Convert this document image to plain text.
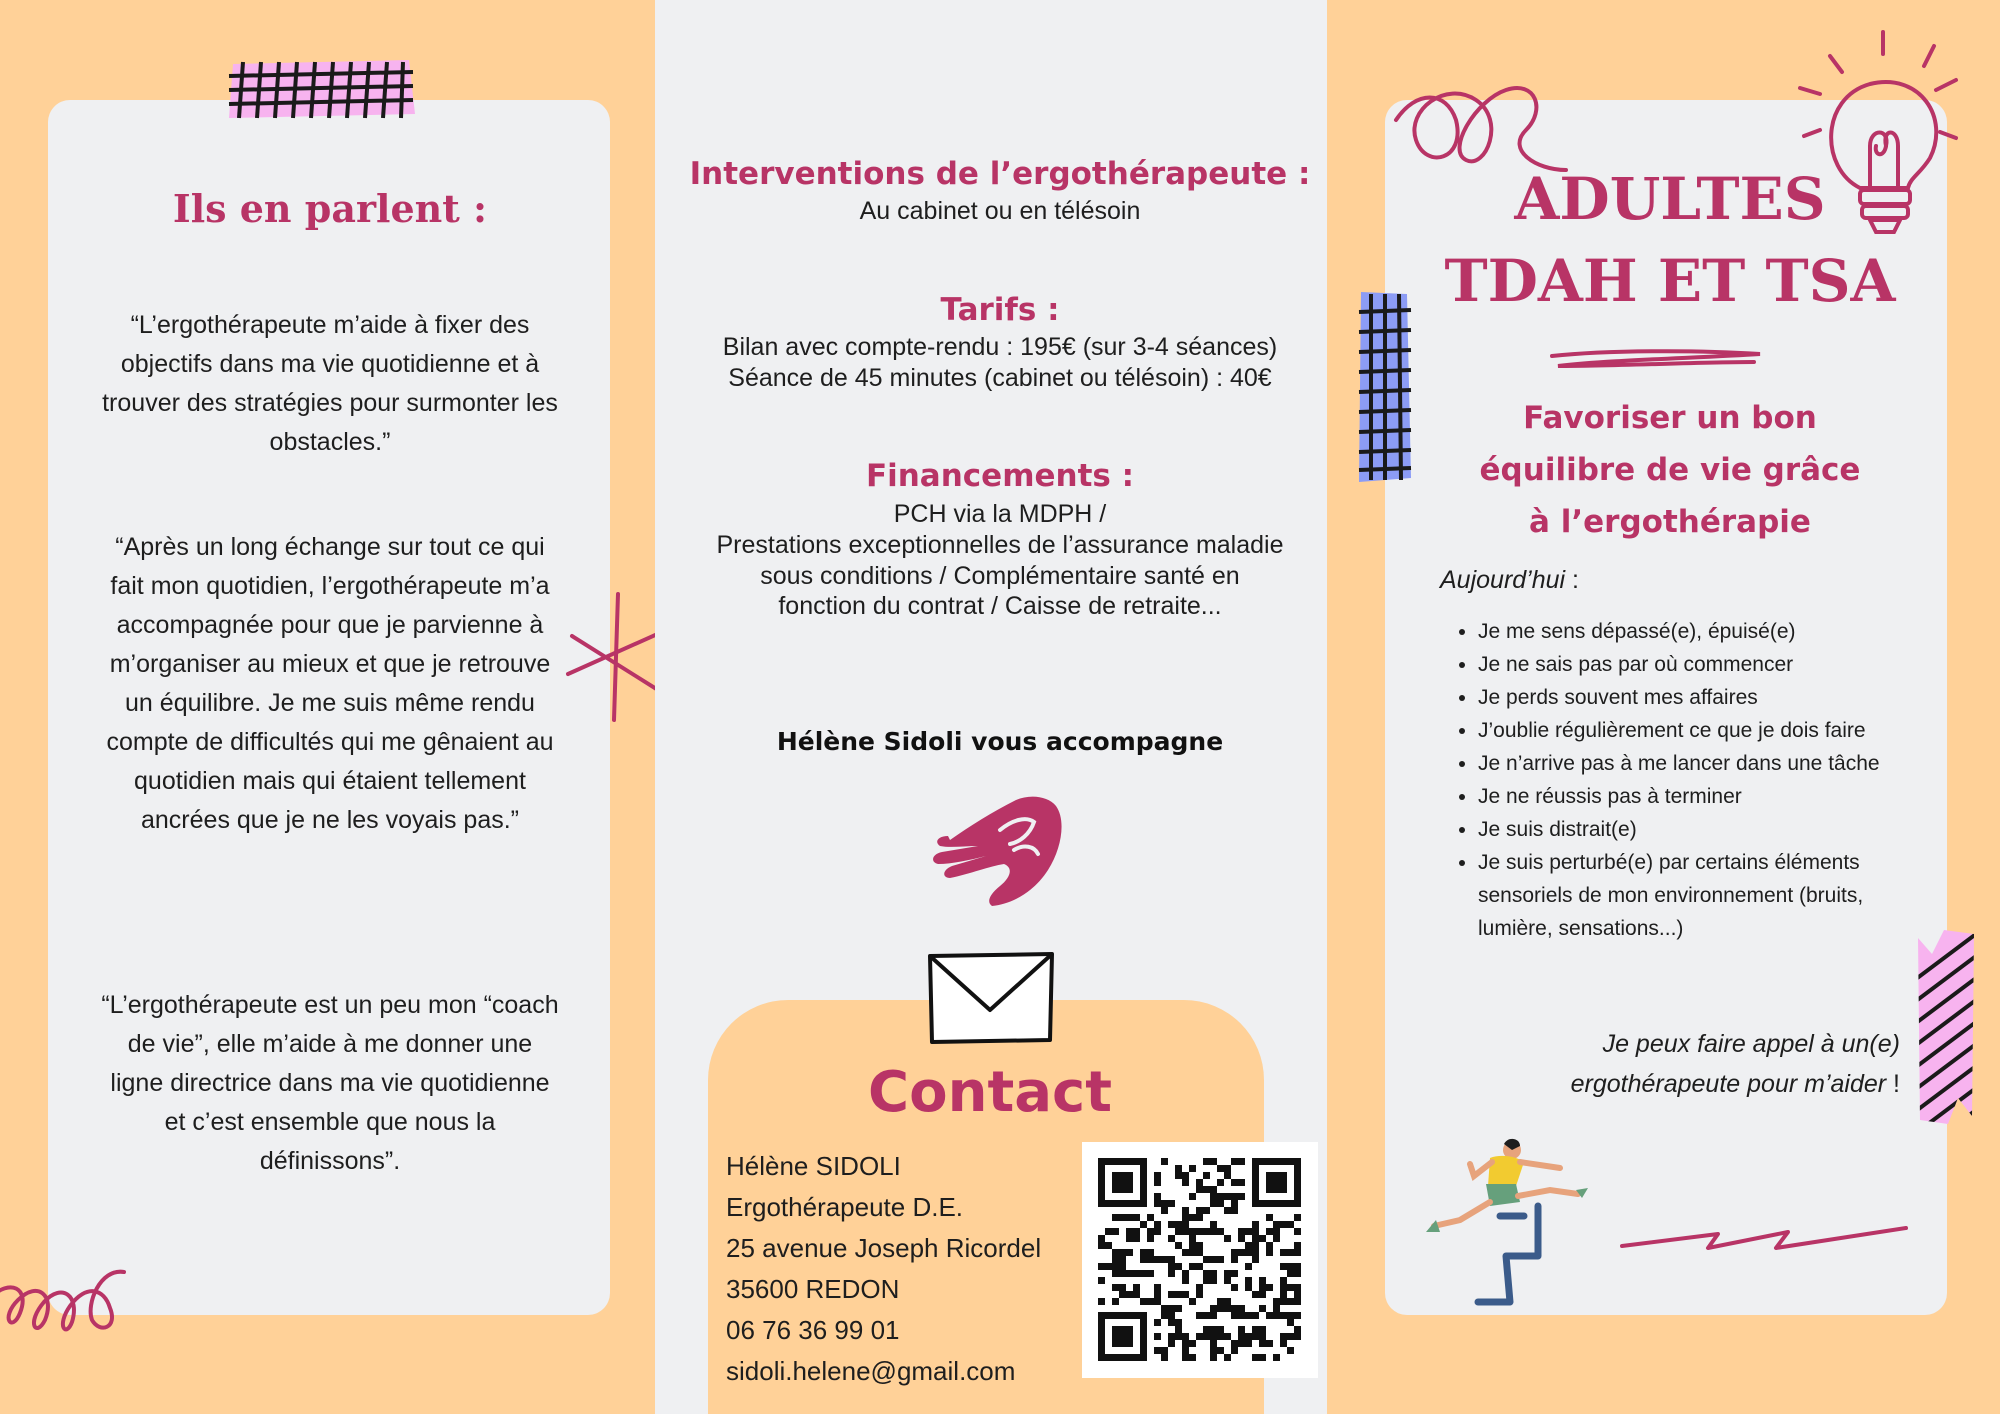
Ils en parlent :
“L’ergothérapeute m’aide à fixer des objectifs dans ma vie quotidienne et à trouver des stratégies pour surmonter les obstacles.”
“Après un long échange sur tout ce qui fait mon quotidien, l’ergothérapeute m’a accompagnée pour que je parvienne à m’organiser au mieux et que je retrouve un équilibre. Je me suis même rendu compte de difficultés qui me gênaient au quotidien mais qui étaient tellement ancrées que je ne les voyais pas.”
“L’ergothérapeute est un peu mon “coach de vie”, elle m’aide à me donner une ligne directrice dans ma vie quotidienne et c’est ensemble que nous la définissons”.
Interventions de l’ergothérapeute :
Au cabinet ou en télésoin
Tarifs :
Bilan avec compte-rendu : 195€ (sur 3-4 séances)
Séance de 45 minutes (cabinet ou télésoin) : 40€
Financements :
PCH via la MDPH /
Prestations exceptionnelles de l’assurance maladie
sous conditions / Complémentaire santé en
fonction du contrat / Caisse de retraite...
Hélène Sidoli vous accompagne
Contact
Hélène SIDOLI
Ergothérapeute D.E.
25 avenue Joseph Ricordel
35600 REDON
06 76 36 99 01
sidoli.helene@gmail.com
ADULTES
TDAH ET TSA
Favoriser un bon
équilibre de vie grâce
à l’ergothérapie
Aujourd’hui :
• Je me sens dépassé(e), épuisé(e)
• Je ne sais pas par où commencer
• Je perds souvent mes affaires
• J’oublie régulièrement ce que je dois faire
• Je n’arrive pas à me lancer dans une tâche
• Je ne réussis pas à terminer
• Je suis distrait(e)
• Je suis perturbé(e) par certains éléments sensoriels de mon environnement (bruits, lumière, sensations...)
Je peux faire appel à un(e) ergothérapeute pour m’aider !
